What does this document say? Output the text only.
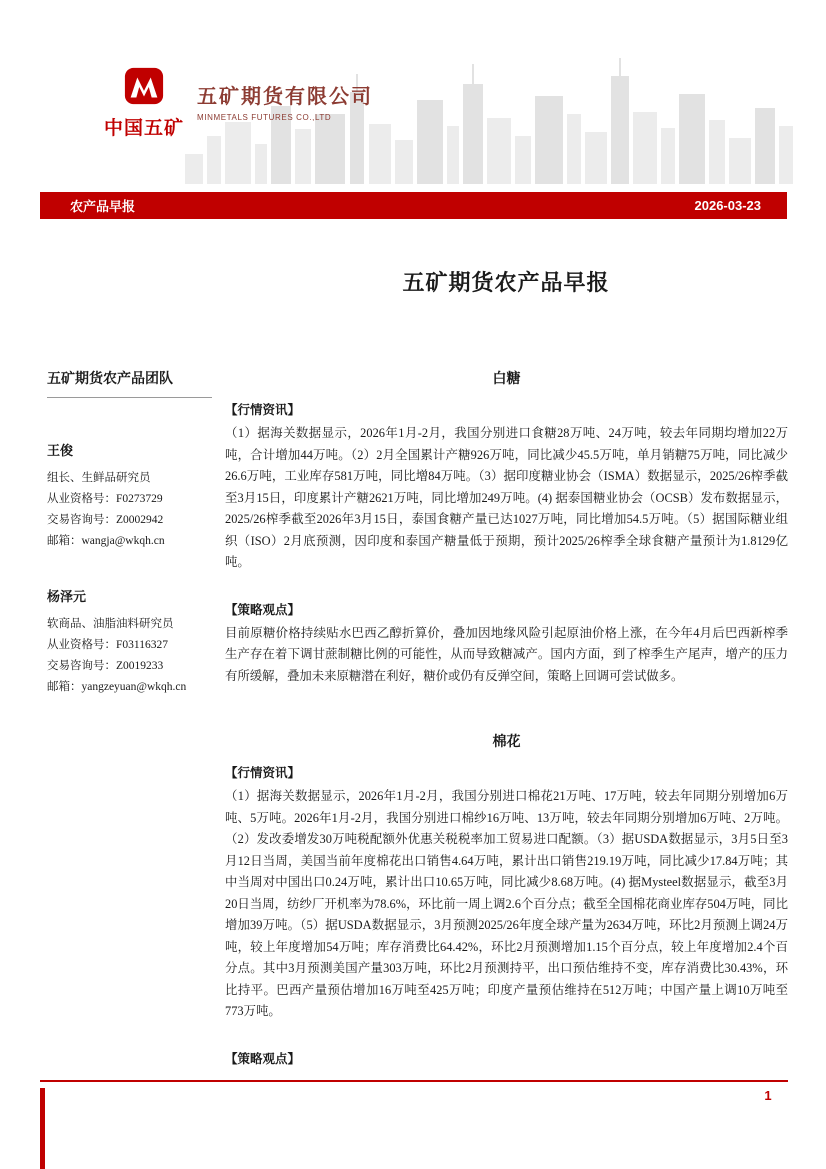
中国五矿
五矿期货有限公司
MINMETALS FUTURES CO.,LTD
农产品早报	2026-03-23
五矿期货农产品早报
五矿期货农产品团队
王俊
组长、生鲜品研究员
从业资格号：F0273729
交易咨询号：Z0002942
邮箱：wangja@wkqh.cn
杨泽元
软商品、油脂油料研究员
从业资格号：F03116327
交易咨询号：Z0019233
邮箱：yangzeyuan@wkqh.cn
白糖
【行情资讯】

（1）据海关数据显示，2026年1月-2月，我国分别进口食糖28万吨、24万吨，较去年同期均增加22万吨，合计增加44万吨。（2）2月全国累计产糖926万吨，同比减少45.5万吨，单月销糖75万吨，同比减少26.6万吨，工业库存581万吨，同比增84万吨。（3）据印度糖业协会（ISMA）数据显示，2025/26榨季截至3月15日，印度累计产糖2621万吨，同比增加249万吨。(4) 据泰国糖业协会（OCSB）发布数据显示，2025/26榨季截至2026年3月15日，泰国食糖产量已达1027万吨，同比增加54.5万吨。（5）据国际糖业组织（ISO）2月底预测，因印度和泰国产糖量低于预期，预计2025/26榨季全球食糖产量预计为1.8129亿吨。

【策略观点】

目前原糖价格持续贴水巴西乙醇折算价，叠加因地缘风险引起原油价格上涨，在今年4月后巴西新榨季生产存在着下调甘蔗制糖比例的可能性，从而导致糖减产。国内方面，到了榨季生产尾声，增产的压力有所缓解，叠加未来原糖潜在利好，糖价或仍有反弹空间，策略上回调可尝试做多。

棉花
【行情资讯】

（1）据海关数据显示，2026年1月-2月，我国分别进口棉花21万吨、17万吨，较去年同期分别增加6万吨、5万吨。2026年1月-2月，我国分别进口棉纱16万吨、13万吨，较去年同期分别增加6万吨、2万吨。（2）发改委增发30万吨税配额外优惠关税税率加工贸易进口配额。（3）据USDA数据显示，3月5日至3月12日当周，美国当前年度棉花出口销售4.64万吨，累计出口销售219.19万吨，同比减少17.84万吨；其中当周对中国出口0.24万吨，累计出口10.65万吨，同比减少8.68万吨。(4) 据Mysteel数据显示，截至3月20日当周，纺纱厂开机率为78.6%，环比前一周上调2.6个百分点；截至全国棉花商业库存504万吨，同比增加39万吨。（5）据USDA数据显示，3月预测2025/26年度全球产量为2634万吨，环比2月预测上调24万吨，较上年度增加54万吨；库存消费比64.42%，环比2月预测增加1.15个百分点，较上年度增加2.4个百分点。其中3月预测美国产量303万吨，环比2月预测持平，出口预估维持不变，库存消费比30.43%，环比持平。巴西产量预估增加16万吨至425万吨；印度产量预估维持在512万吨；中国产量上调10万吨至773万吨。

【策略观点】

1
